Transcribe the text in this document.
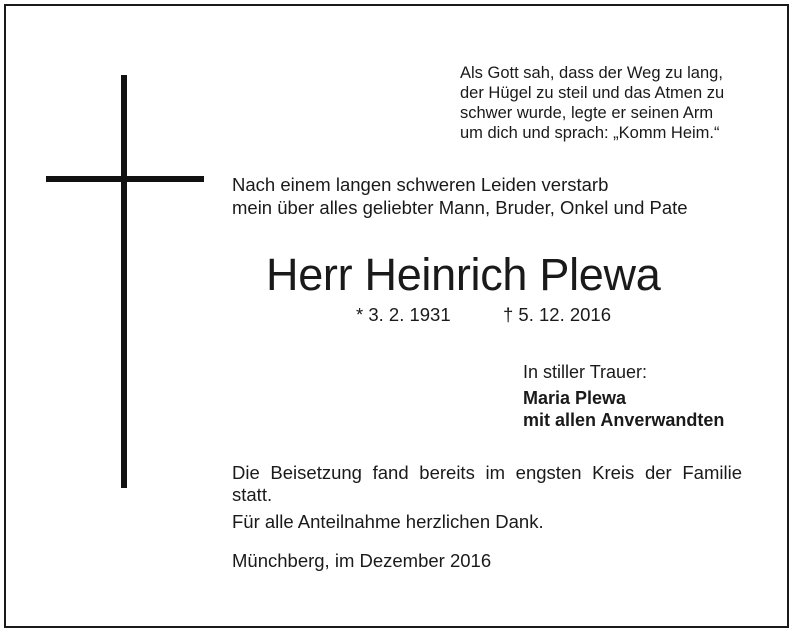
Als Gott sah, dass der Weg zu lang,
der Hügel zu steil und das Atmen zu
schwer wurde, legte er seinen Arm
um dich und sprach: „Komm Heim.“
Nach einem langen schweren Leiden verstarb
mein über alles geliebter Mann, Bruder, Onkel und Pate
Herr Heinrich Plewa
* 3. 2. 1931	† 5. 12. 2016
In stiller Trauer:
Maria Plewa
mit allen Anverwandten
Die Beisetzung fand bereits im engsten Kreis der Familie statt.
Für alle Anteilnahme herzlichen Dank.
Münchberg, im Dezember 2016
